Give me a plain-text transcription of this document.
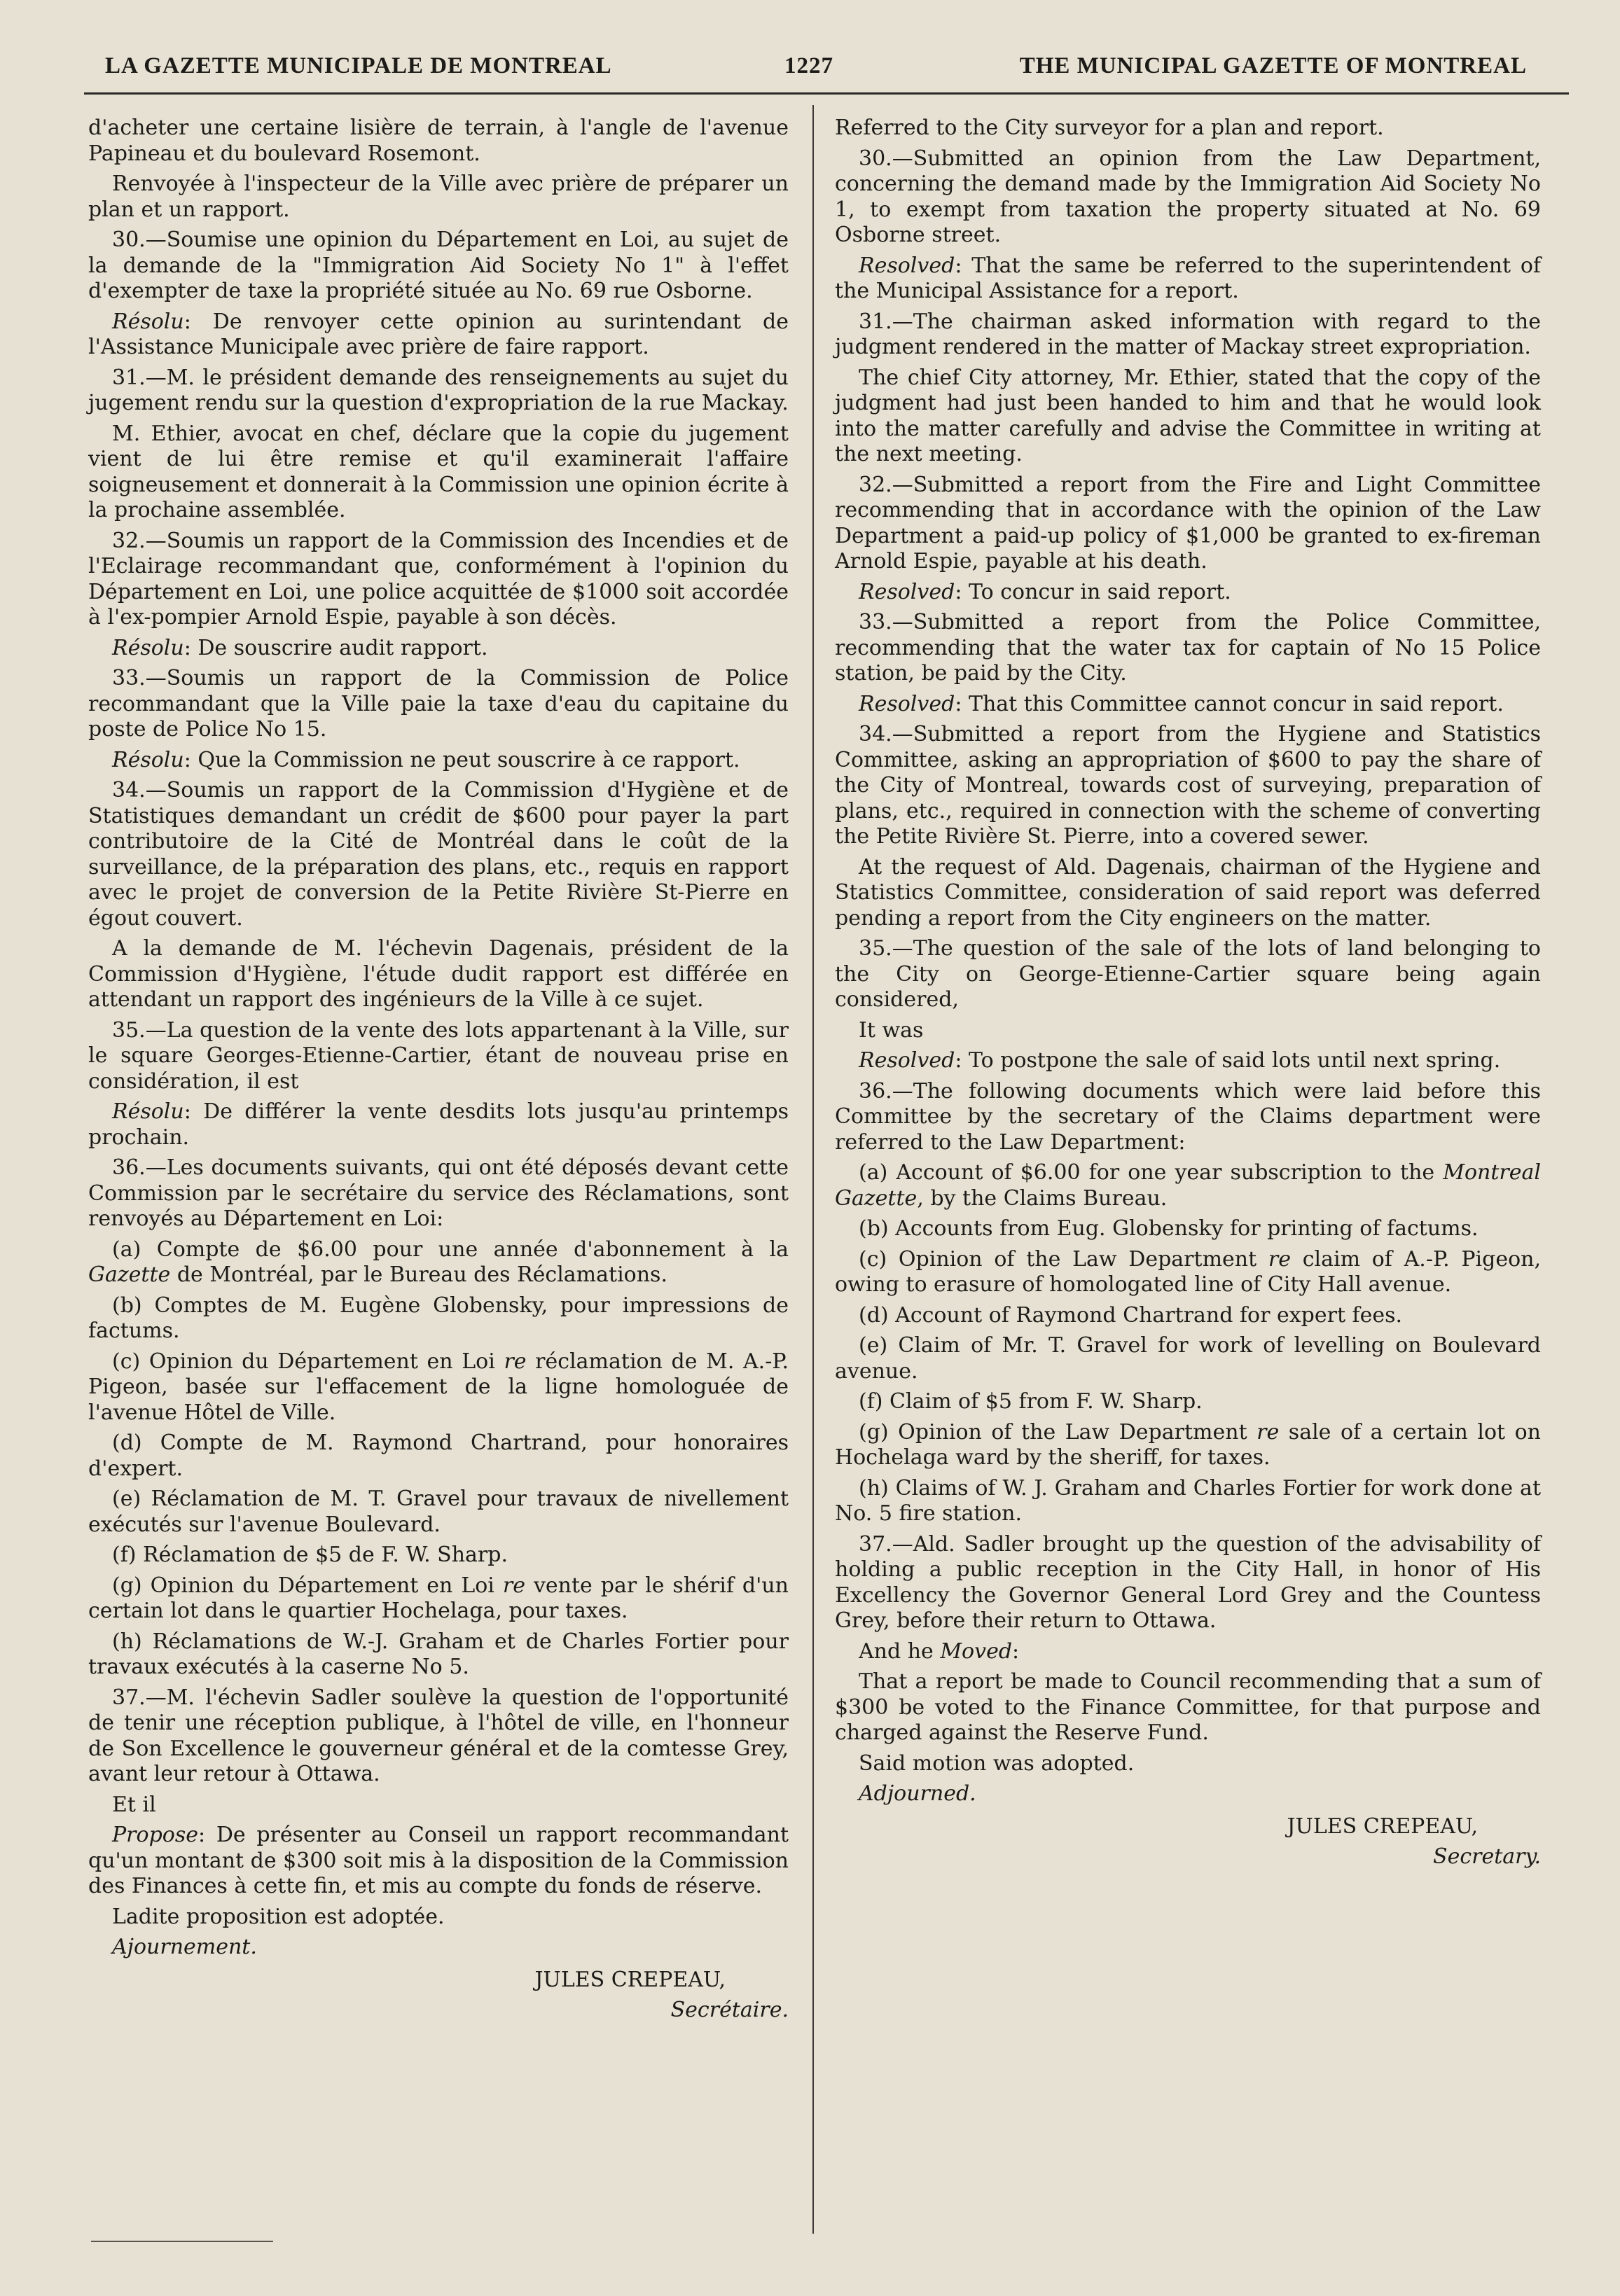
LA GAZETTE MUNICIPALE DE MONTREAL	1227	THE MUNICIPAL GAZETTE OF MONTREAL

d'acheter une certaine lisière de terrain, à l'angle de l'avenue Papineau et du boulevard Rosemont.

Renvoyée à l'inspecteur de la Ville avec prière de préparer un plan et un rapport.

30.—Soumise une opinion du Département en Loi, au sujet de la demande de la "Immigration Aid Society No 1" à l'effet d'exempter de taxe la propriété située au No. 69 rue Osborne.

Résolu: De renvoyer cette opinion au surintendant de l'Assistance Municipale avec prière de faire rapport.

31.—M. le président demande des renseignements au sujet du jugement rendu sur la question d'expropriation de la rue Mackay.

M. Ethier, avocat en chef, déclare que la copie du jugement vient de lui être remise et qu'il examinerait l'affaire soigneusement et donnerait à la Commission une opinion écrite à la prochaine assemblée.

32.—Soumis un rapport de la Commission des Incendies et de l'Eclairage recommandant que, conformément à l'opinion du Département en Loi, une police acquittée de $1000 soit accordée à l'ex-pompier Arnold Espie, payable à son décès.

Résolu: De souscrire audit rapport.

33.—Soumis un rapport de la Commission de Police recommandant que la Ville paie la taxe d'eau du capitaine du poste de Police No 15.

Résolu: Que la Commission ne peut souscrire à ce rapport.

34.—Soumis un rapport de la Commission d'Hygiène et de Statistiques demandant un crédit de $600 pour payer la part contributoire de la Cité de Montréal dans le coût de la surveillance, de la préparation des plans, etc., requis en rapport avec le projet de conversion de la Petite Rivière St-Pierre en égout couvert.

A la demande de M. l'échevin Dagenais, président de la Commission d'Hygiène, l'étude dudit rapport est différée en attendant un rapport des ingénieurs de la Ville à ce sujet.

35.—La question de la vente des lots appartenant à la Ville, sur le square Georges-Etienne-Cartier, étant de nouveau prise en considération, il est

Résolu: De différer la vente desdits lots jusqu'au printemps prochain.

36.—Les documents suivants, qui ont été déposés devant cette Commission par le secrétaire du service des Réclamations, sont renvoyés au Département en Loi:

(a) Compte de $6.00 pour une année d'abonnement à la Gazette de Montréal, par le Bureau des Réclamations.

(b) Comptes de M. Eugène Globensky, pour impressions de factums.

(c) Opinion du Département en Loi re réclamation de M. A.-P. Pigeon, basée sur l'effacement de la ligne homologuée de l'avenue Hôtel de Ville.

(d) Compte de M. Raymond Chartrand, pour honoraires d'expert.

(e) Réclamation de M. T. Gravel pour travaux de nivellement exécutés sur l'avenue Boulevard.

(f) Réclamation de $5 de F. W. Sharp.

(g) Opinion du Département en Loi re vente par le shérif d'un certain lot dans le quartier Hochelaga, pour taxes.

(h) Réclamations de W.-J. Graham et de Charles Fortier pour travaux exécutés à la caserne No 5.

37.—M. l'échevin Sadler soulève la question de l'opportunité de tenir une réception publique, à l'hôtel de ville, en l'honneur de Son Excellence le gouverneur général et de la comtesse Grey, avant leur retour à Ottawa.

Et il

Propose: De présenter au Conseil un rapport recommandant qu'un montant de $300 soit mis à la disposition de la Commission des Finances à cette fin, et mis au compte du fonds de réserve.

Ladite proposition est adoptée.

Ajournement.

JULES CREPEAU,

Secrétaire.

Referred to the City surveyor for a plan and report.

30.—Submitted an opinion from the Law Department, concerning the demand made by the Immigration Aid Society No 1, to exempt from taxation the property situated at No. 69 Osborne street.

Resolved: That the same be referred to the superintendent of the Municipal Assistance for a report.

31.—The chairman asked information with regard to the judgment rendered in the matter of Mackay street expropriation.

The chief City attorney, Mr. Ethier, stated that the copy of the judgment had just been handed to him and that he would look into the matter carefully and advise the Committee in writing at the next meeting.

32.—Submitted a report from the Fire and Light Committee recommending that in accordance with the opinion of the Law Department a paid-up policy of $1,000 be granted to ex-fireman Arnold Espie, payable at his death.

Resolved: To concur in said report.

33.—Submitted a report from the Police Committee, recommending that the water tax for captain of No 15 Police station, be paid by the City.

Resolved: That this Committee cannot concur in said report.

34.—Submitted a report from the Hygiene and Statistics Committee, asking an appropriation of $600 to pay the share of the City of Montreal, towards cost of surveying, preparation of plans, etc., required in connection with the scheme of converting the Petite Rivière St. Pierre, into a covered sewer.

At the request of Ald. Dagenais, chairman of the Hygiene and Statistics Committee, consideration of said report was deferred pending a report from the City engineers on the matter.

35.—The question of the sale of the lots of land belonging to the City on George-Etienne-Cartier square being again considered,

It was

Resolved: To postpone the sale of said lots until next spring.

36.—The following documents which were laid before this Committee by the secretary of the Claims department were referred to the Law Department:

(a) Account of $6.00 for one year subscription to the Montreal Gazette, by the Claims Bureau.

(b) Accounts from Eug. Globensky for printing of factums.

(c) Opinion of the Law Department re claim of A.-P. Pigeon, owing to erasure of homologated line of City Hall avenue.

(d) Account of Raymond Chartrand for expert fees.

(e) Claim of Mr. T. Gravel for work of levelling on Boulevard avenue.

(f) Claim of $5 from F. W. Sharp.

(g) Opinion of the Law Department re sale of a certain lot on Hochelaga ward by the sheriff, for taxes.

(h) Claims of W. J. Graham and Charles Fortier for work done at No. 5 fire station.

37.—Ald. Sadler brought up the question of the advisability of holding a public reception in the City Hall, in honor of His Excellency the Governor General Lord Grey and the Countess Grey, before their return to Ottawa.

And he Moved:

That a report be made to Council recommending that a sum of $300 be voted to the Finance Committee, for that purpose and charged against the Reserve Fund.

Said motion was adopted.

Adjourned.

JULES CREPEAU,

Secretary.
